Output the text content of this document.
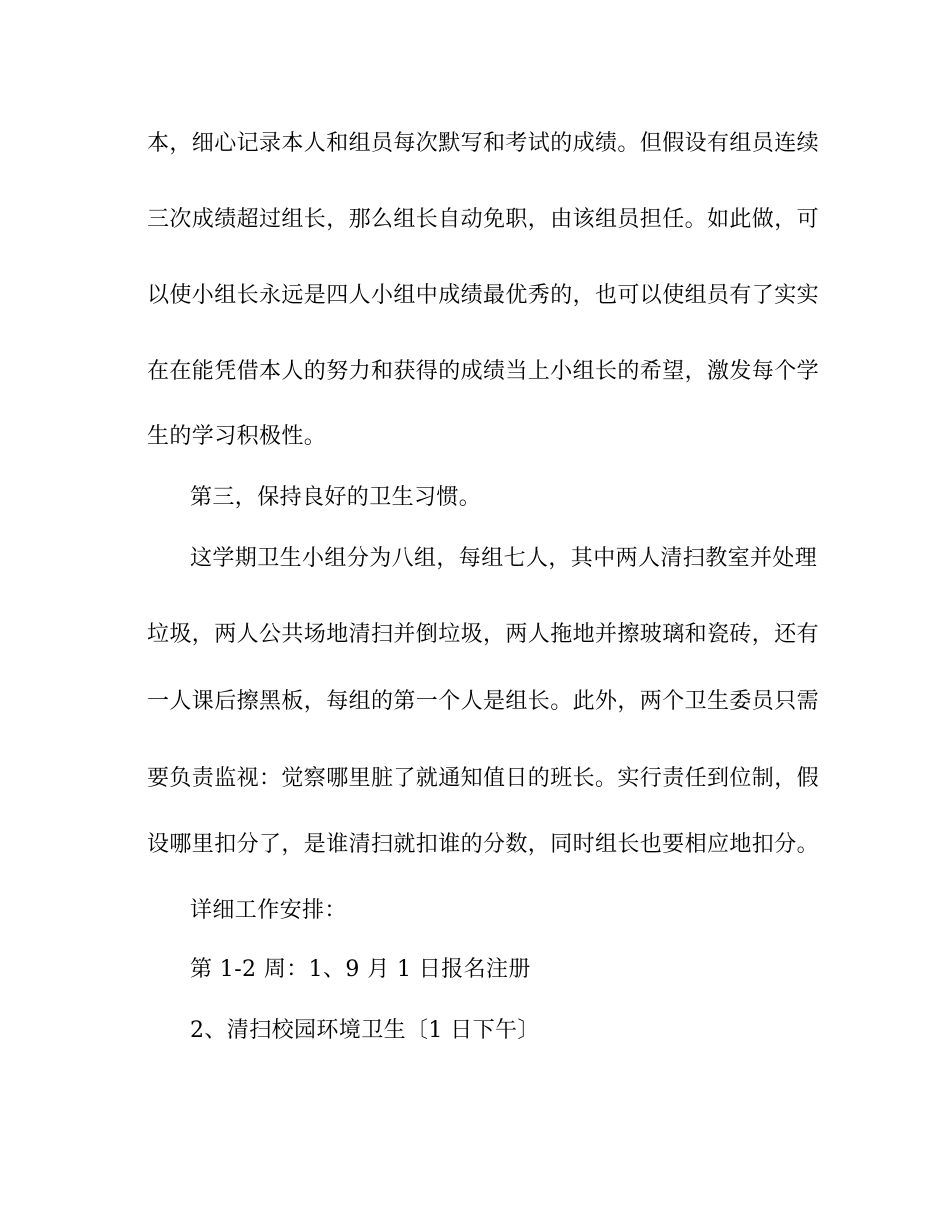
本，细心记录本人和组员每次默写和考试的成绩。但假设有组员连续
三次成绩超过组长，那么组长自动免职，由该组员担任。如此做，可
以使小组长永远是四人小组中成绩最优秀的，也可以使组员有了实实
在在能凭借本人的努力和获得的成绩当上小组长的希望，激发每个学
生的学习积极性。
第三，保持良好的卫生习惯。
这学期卫生小组分为八组，每组七人，其中两人清扫教室并处理
垃圾，两人公共场地清扫并倒垃圾，两人拖地并擦玻璃和瓷砖，还有
一人课后擦黑板，每组的第一个人是组长。此外，两个卫生委员只需
要负责监视：觉察哪里脏了就通知值日的班长。实行责任到位制，假
设哪里扣分了，是谁清扫就扣谁的分数，同时组长也要相应地扣分。
详细工作安排：
第 1-2 周：1、9 月 1 日报名注册
2、清扫校园环境卫生〔1 日下午〕
